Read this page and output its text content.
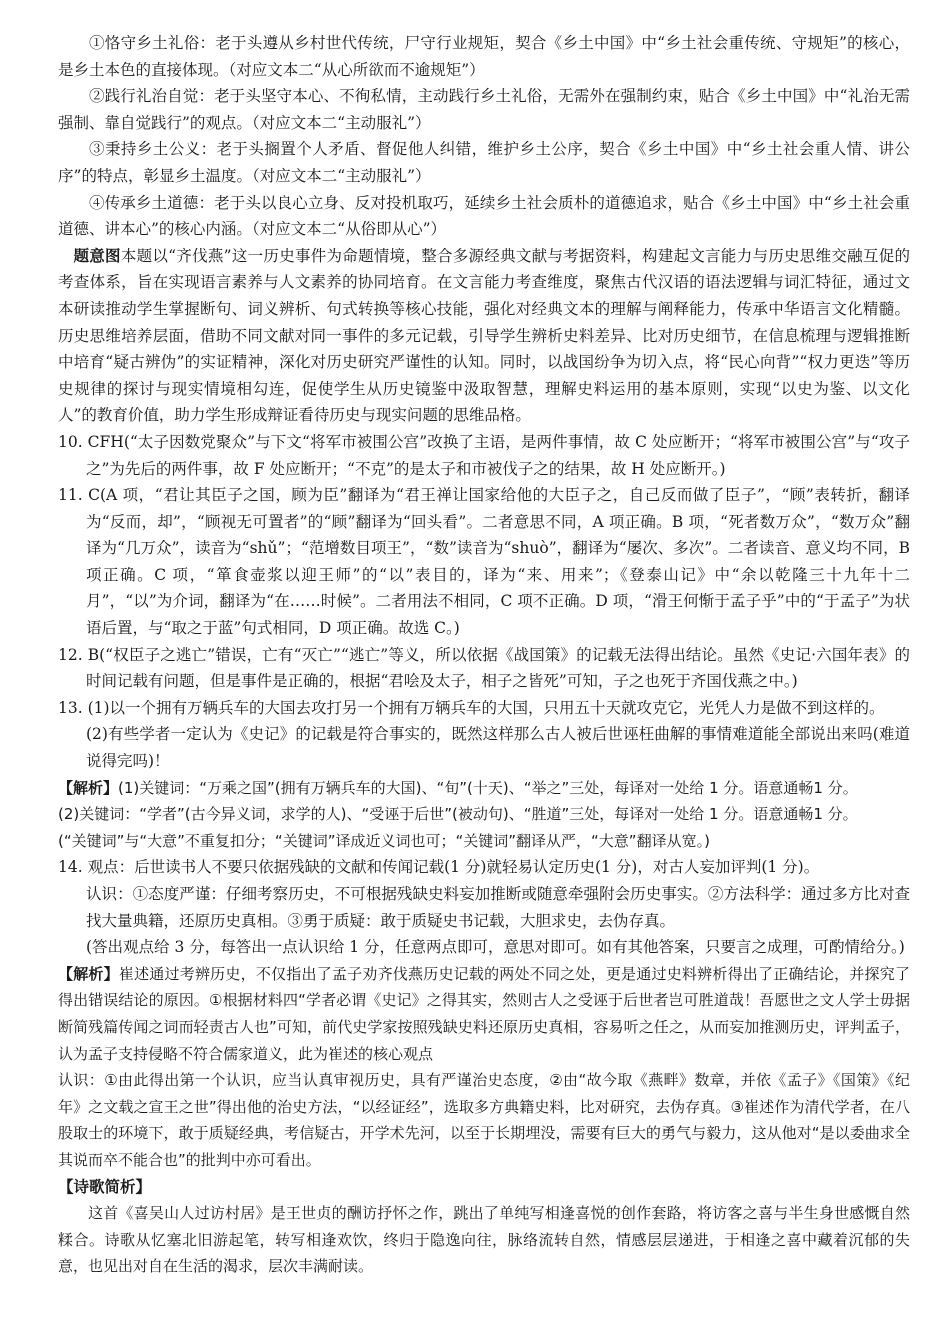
①恪守乡土礼俗：老于头遵从乡村世代传统，尸守行业规矩，契合《乡土中国》中“乡土社会重传统、守规矩”的核心，是乡土本色的直接体现。（对应文本二“从心所欲而不逾规矩”）

②践行礼治自觉：老于头坚守本心、不徇私情，主动践行乡土礼俗，无需外在强制约束，贴合《乡土中国》中“礼治无需强制、靠自觉践行”的观点。（对应文本二“主动服礼”）

③秉持乡土公义：老于头搁置个人矛盾、督促他人纠错，维护乡土公序，契合《乡土中国》中“乡土社会重人情、讲公序”的特点，彰显乡土温度。（对应文本二“主动服礼”）

④传承乡土道德：老于头以良心立身、反对投机取巧，延续乡土社会质朴的道德追求，贴合《乡土中国》中“乡土社会重道德、讲本心”的核心内涵。（对应文本二“从俗即从心”）

题意图本题以“齐伐燕”这一历史事件为命题情境，整合多源经典文献与考据资料，构建起文言能力与历史思维交融互促的考查体系，旨在实现语言素养与人文素养的协同培育。在文言能力考查维度，聚焦古代汉语的语法逻辑与词汇特征，通过文本研读推动学生掌握断句、词义辨析、句式转换等核心技能，强化对经典文本的理解与阐释能力，传承中华语言文化精髓。历史思维培养层面，借助不同文献对同一事件的多元记载，引导学生辨析史料差异、比对历史细节，在信息梳理与逻辑推断中培育“疑古辨伪”的实证精神，深化对历史研究严谨性的认知。同时，以战国纷争为切入点，将“民心向背”“权力更迭”等历史规律的探讨与现实情境相勾连，促使学生从历史镜鉴中汲取智慧，理解史料运用的基本原则，实现“以史为鉴、以文化人”的教育价值，助力学生形成辩证看待历史与现实问题的思维品格。

10. CFH(“太子因数党聚众”与下文“将军市被围公宫”改换了主语，是两件事情，故 C 处应断开；“将军市被围公宫”与“攻子之”为先后的两件事，故 F 处应断开；“不克”的是太子和市被伐子之的结果，故 H 处应断开。)

11. C(A 项，“君让其臣子之国，顾为臣”翻译为“君王禅让国家给他的大臣子之，自己反而做了臣子”，“顾”表转折，翻译为“反而，却”，“顾视无可置者”的“顾”翻译为“回头看”。二者意思不同，A 项正确。B 项，“死者数万众”，“数万众”翻译为“几万众”，读音为“shǔ”；“范增数目项王”，“数”读音为“shuò”，翻译为“屡次、多次”。二者读音、意义均不同，B 项正确。C 项，“箪食壶浆以迎王师”的“以”表目的，译为“来、用来”；《登泰山记》中“余以乾隆三十九年十二月”，“以”为介词，翻译为“在……时候”。二者用法不相同，C 项不正确。D 项，“滑王何惭于孟子乎”中的“于孟子”为状语后置，与“取之于蓝”句式相同，D 项正确。故选 C。)

12. B(“权臣子之逃亡”错误，亡有“灭亡”“逃亡”等义，所以依据《战国策》的记载无法得出结论。虽然《史记·六国年表》的时间记载有问题，但是事件是正确的，根据“君哙及太子，相子之皆死”可知，子之也死于齐国伐燕之中。)

13. (1)以一个拥有万辆兵车的大国去攻打另一个拥有万辆兵车的大国，只用五十天就攻克它，光凭人力是做不到这样的。

(2)有些学者一定认为《史记》的记载是符合事实的，既然这样那么古人被后世诬枉曲解的事情难道能全部说出来吗(难道说得完吗)！

【解析】(1)关键词：“万乘之国”(拥有万辆兵车的大国)、“旬”(十天)、“举之”三处，每译对一处给 1 分。语意通畅1 分。

(2)关键词：“学者”(古今异义词，求学的人)、“受诬于后世”(被动句)、“胜道”三处，每译对一处给 1 分。语意通畅1 分。

(“关键词”与“大意”不重复扣分；“关键词”译成近义词也可；“关键词”翻译从严，“大意”翻译从宽。)

14. 观点：后世读书人不要只依据残缺的文献和传闻记载(1 分)就轻易认定历史(1 分)，对古人妄加评判(1 分)。

认识：①态度严谨：仔细考察历史，不可根据残缺史料妄加推断或随意牵强附会历史事实。②方法科学：通过多方比对查找大量典籍，还原历史真相。③勇于质疑：敢于质疑史书记载，大胆求史，去伪存真。

(答出观点给 3 分，每答出一点认识给 1 分，任意两点即可，意思对即可。如有其他答案，只要言之成理，可酌情给分。)

【解析】崔述通过考辨历史，不仅指出了孟子劝齐伐燕历史记载的两处不同之处，更是通过史料辨析得出了正确结论，并探究了得出错误结论的原因。①根据材料四“学者必谓《史记》之得其实，然则古人之受诬于后世者岂可胜道哉！吾愿世之文人学士毋据断简残篇传闻之词而轻责古人也”可知，前代史学家按照残缺史料还原历史真相，容易听之任之，从而妄加推测历史，评判孟子，认为孟子支持侵略不符合儒家道义，此为崔述的核心观点

认识：①由此得出第一个认识，应当认真审视历史，具有严谨治史态度，②由“故今取《燕畔》数章，并依《孟子》《国策》《纪年》之文载之宣王之世”得出他的治史方法，“以经证经”，选取多方典籍史料，比对研究，去伪存真。③崔述作为清代学者，在八股取士的环境下，敢于质疑经典，考信疑古，开学术先河，以至于长期埋没，需要有巨大的勇气与毅力，这从他对“是以委曲求全其说而卒不能合也”的批判中亦可看出。

【诗歌简析】

这首《喜吴山人过访村居》是王世贞的酬访抒怀之作，跳出了单纯写相逢喜悦的创作套路，将访客之喜与半生身世感慨自然糅合。诗歌从忆塞北旧游起笔，转写相逢欢饮，终归于隐逸向往，脉络流转自然，情感层层递进，于相逢之喜中藏着沉郁的失意，也见出对自在生活的渴求，层次丰满耐读。
